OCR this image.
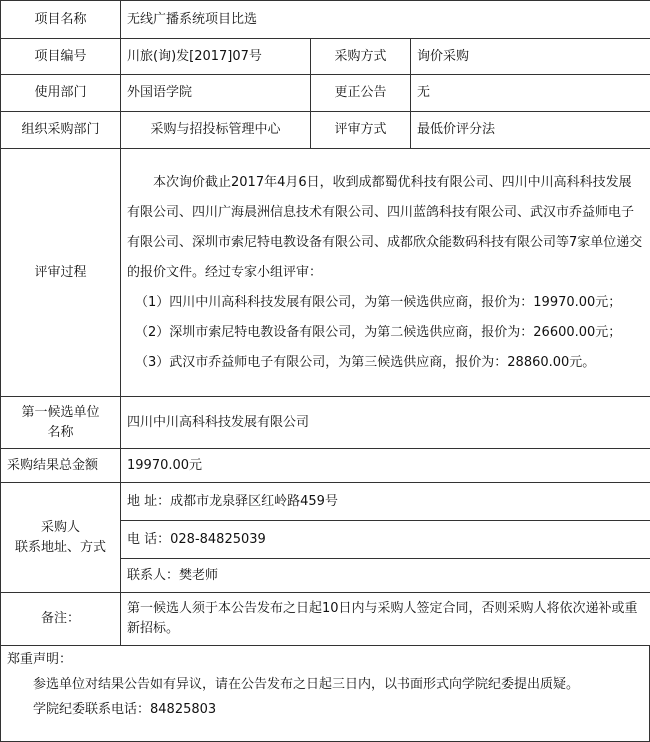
项目名称	无线广播系统项目比选		
项目编号	川旅(询)发[2017]07号	采购方式	询价采购
使用部门	外国语学院	更正公告	无
组织采购部门	采购与招投标管理中心	评审方式	最低价评分法
评审过程	本次询价截止2017年4月6日，收到成都蜀优科技有限公司、四川中川高科科技发展有限公司、四川广海晨洲信息技术有限公司、四川蓝鸽科技有限公司、武汉市乔益师电子有限公司、深圳市索尼特电教设备有限公司、成都欣众能数码科技有限公司等7家单位递交的报价文件。经过专家小组评审：

（1）四川中川高科科技发展有限公司，为第一候选供应商，报价为：19970.00元；

（2）深圳市索尼特电教设备有限公司，为第二候选供应商，报价为：26600.00元；

（3）武汉市乔益师电子有限公司，为第三候选供应商，报价为：28860.00元。		

第一候选单位
名称	四川中川高科科技发展有限公司		
采购结果总金额	19970.00元		

采购人
联系地址、方式	地 址：成都市龙泉驿区红岭路459号		
	电 话：028-84825039		
	联系人：樊老师		
备注：	第一候选人须于本公告发布之日起10日内与采购人签定合同，否则采购人将依次递补或重新招标。		

郑重声明：

参选单位对结果公告如有异议，请在公告发布之日起三日内，以书面形式向学院纪委提出质疑。

学院纪委联系电话：84825803
